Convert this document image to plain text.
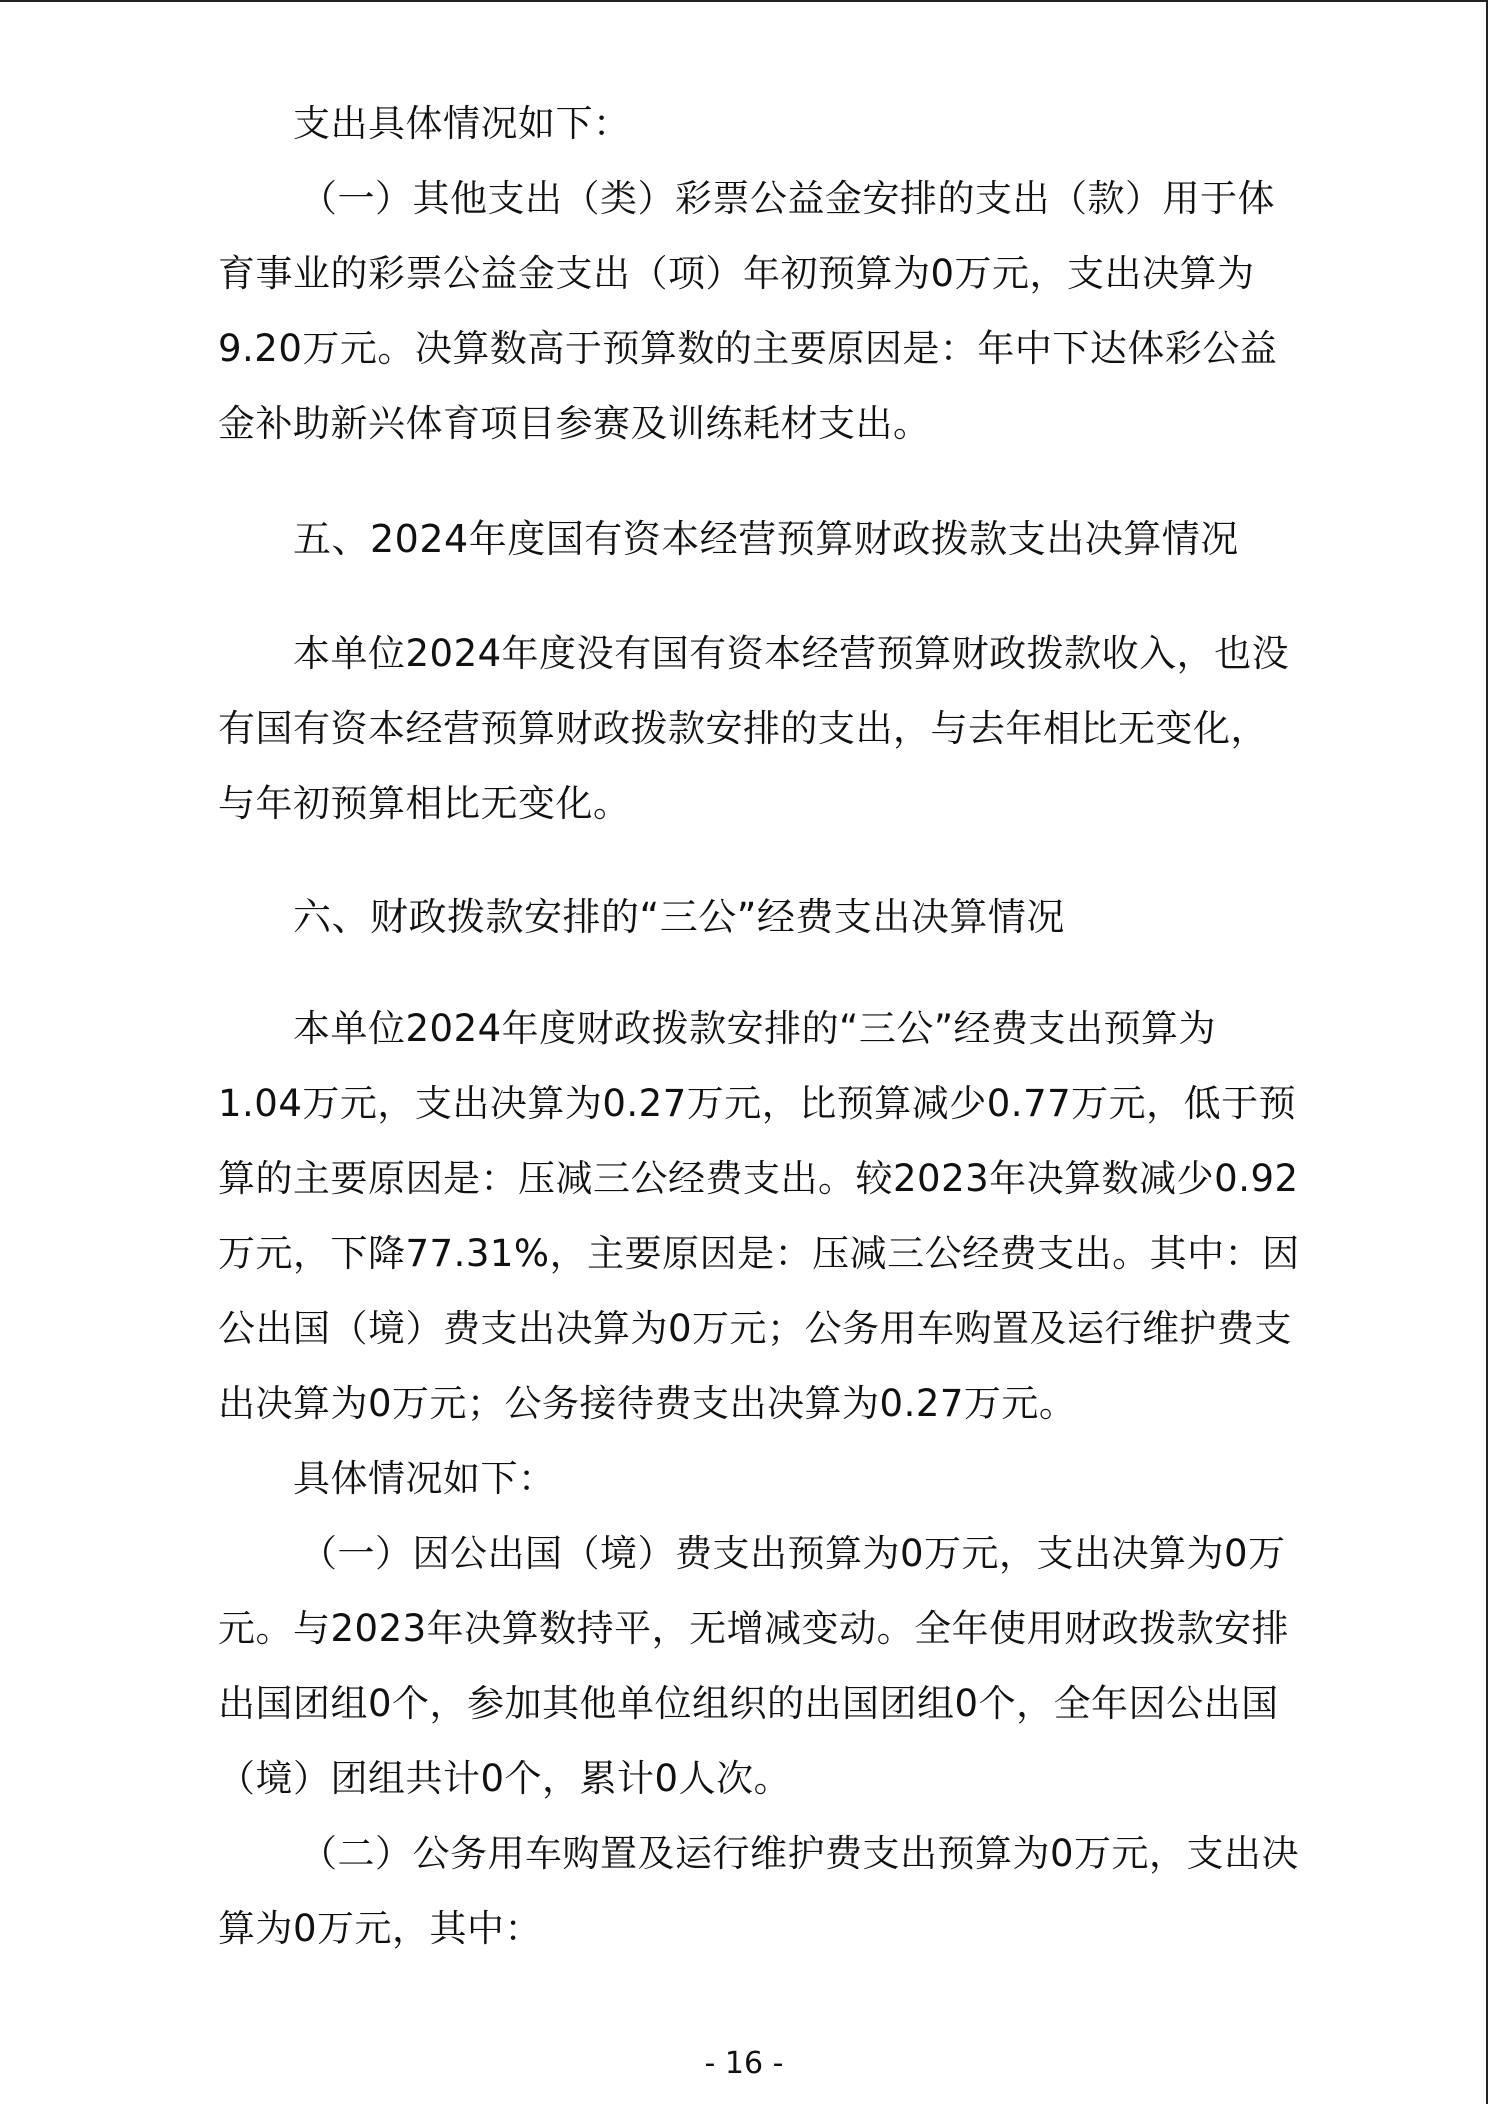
支出具体情况如下：
（一）其他支出（类）彩票公益金安排的支出（款）用于体
育事业的彩票公益金支出（项）年初预算为0万元，支出决算为
9.20万元。决算数高于预算数的主要原因是：年中下达体彩公益
金补助新兴体育项目参赛及训练耗材支出。
五、2024年度国有资本经营预算财政拨款支出决算情况
本单位2024年度没有国有资本经营预算财政拨款收入，也没
有国有资本经营预算财政拨款安排的支出，与去年相比无变化，
与年初预算相比无变化。
六、财政拨款安排的“三公”经费支出决算情况
本单位2024年度财政拨款安排的“三公”经费支出预算为
1.04万元，支出决算为0.27万元，比预算减少0.77万元，低于预
算的主要原因是：压减三公经费支出。较2023年决算数减少0.92
万元，下降77.31%，主要原因是：压减三公经费支出。其中：因
公出国（境）费支出决算为0万元；公务用车购置及运行维护费支
出决算为0万元；公务接待费支出决算为0.27万元。
具体情况如下：
（一）因公出国（境）费支出预算为0万元，支出决算为0万
元。与2023年决算数持平，无增减变动。全年使用财政拨款安排
出国团组0个，参加其他单位组织的出国团组0个，全年因公出国
（境）团组共计0个，累计0人次。
（二）公务用车购置及运行维护费支出预算为0万元，支出决
算为0万元，其中：
- 16 -
